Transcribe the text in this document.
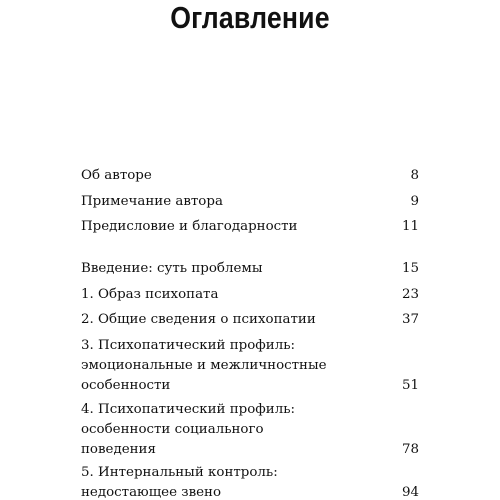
Оглавление
Об авторе	8
Примечание автора	9
Предисловие и благодарности	11
Введение: суть проблемы	15
1. Образ психопата	23
2. Общие сведения о психопатии	37
3. Психопатический профиль:
эмоциональные и межличностные
особенности	51
4. Психопатический профиль:
особенности социального
поведения	78
5. Интернальный контроль:
недостающее звено	94
